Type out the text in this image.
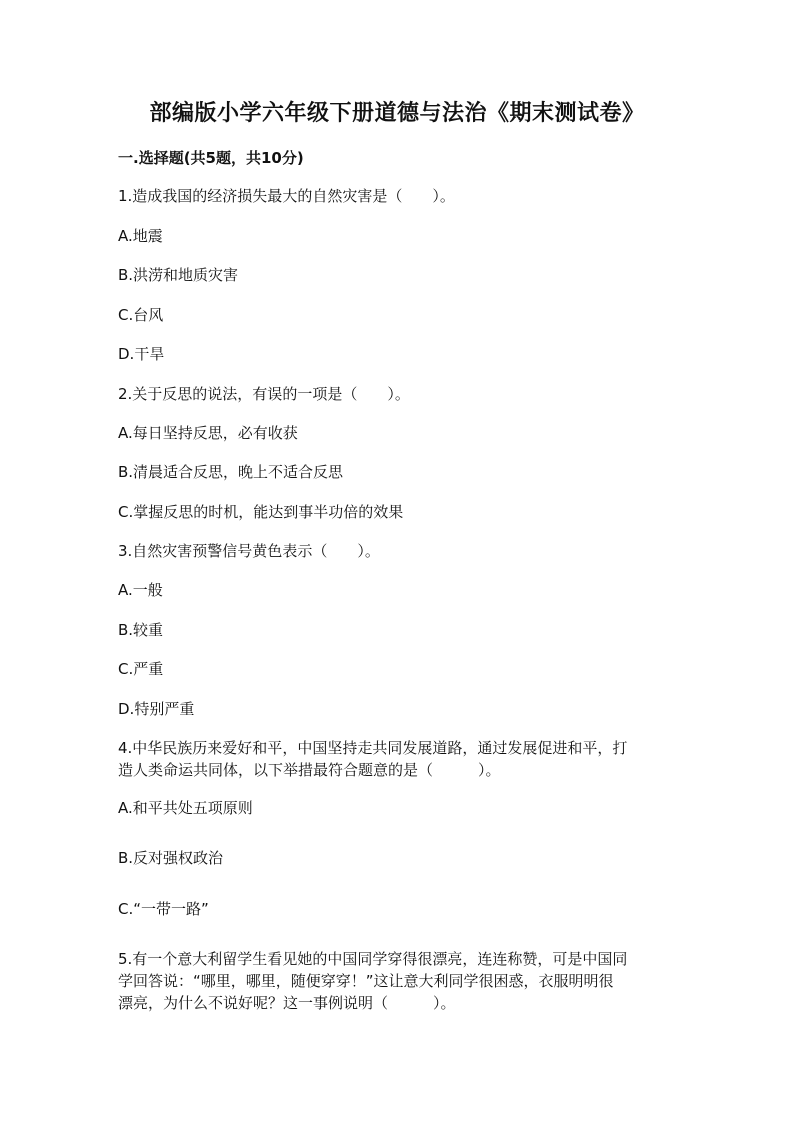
部编版小学六年级下册道德与法治《期末测试卷》
一.选择题(共5题，共10分)
1.造成我国的经济损失最大的自然灾害是（　　）。
A.地震
B.洪涝和地质灾害
C.台风
D.干旱
2.关于反思的说法，有误的一项是（　　）。
A.每日坚持反思，必有收获
B.清晨适合反思，晚上不适合反思
C.掌握反思的时机，能达到事半功倍的效果
3.自然灾害预警信号黄色表示（　　）。
A.一般
B.较重
C.严重
D.特别严重
4.中华民族历来爱好和平，中国坚持走共同发展道路，通过发展促进和平，打
造人类命运共同体，以下举措最符合题意的是（　　　）。
A.和平共处五项原则
B.反对强权政治
C.“一带一路”
5.有一个意大利留学生看见她的中国同学穿得很漂亮，连连称赞，可是中国同
学回答说：“哪里，哪里，随便穿穿！”这让意大利同学很困惑，衣服明明很
漂亮，为什么不说好呢？这一事例说明（　　　）。
